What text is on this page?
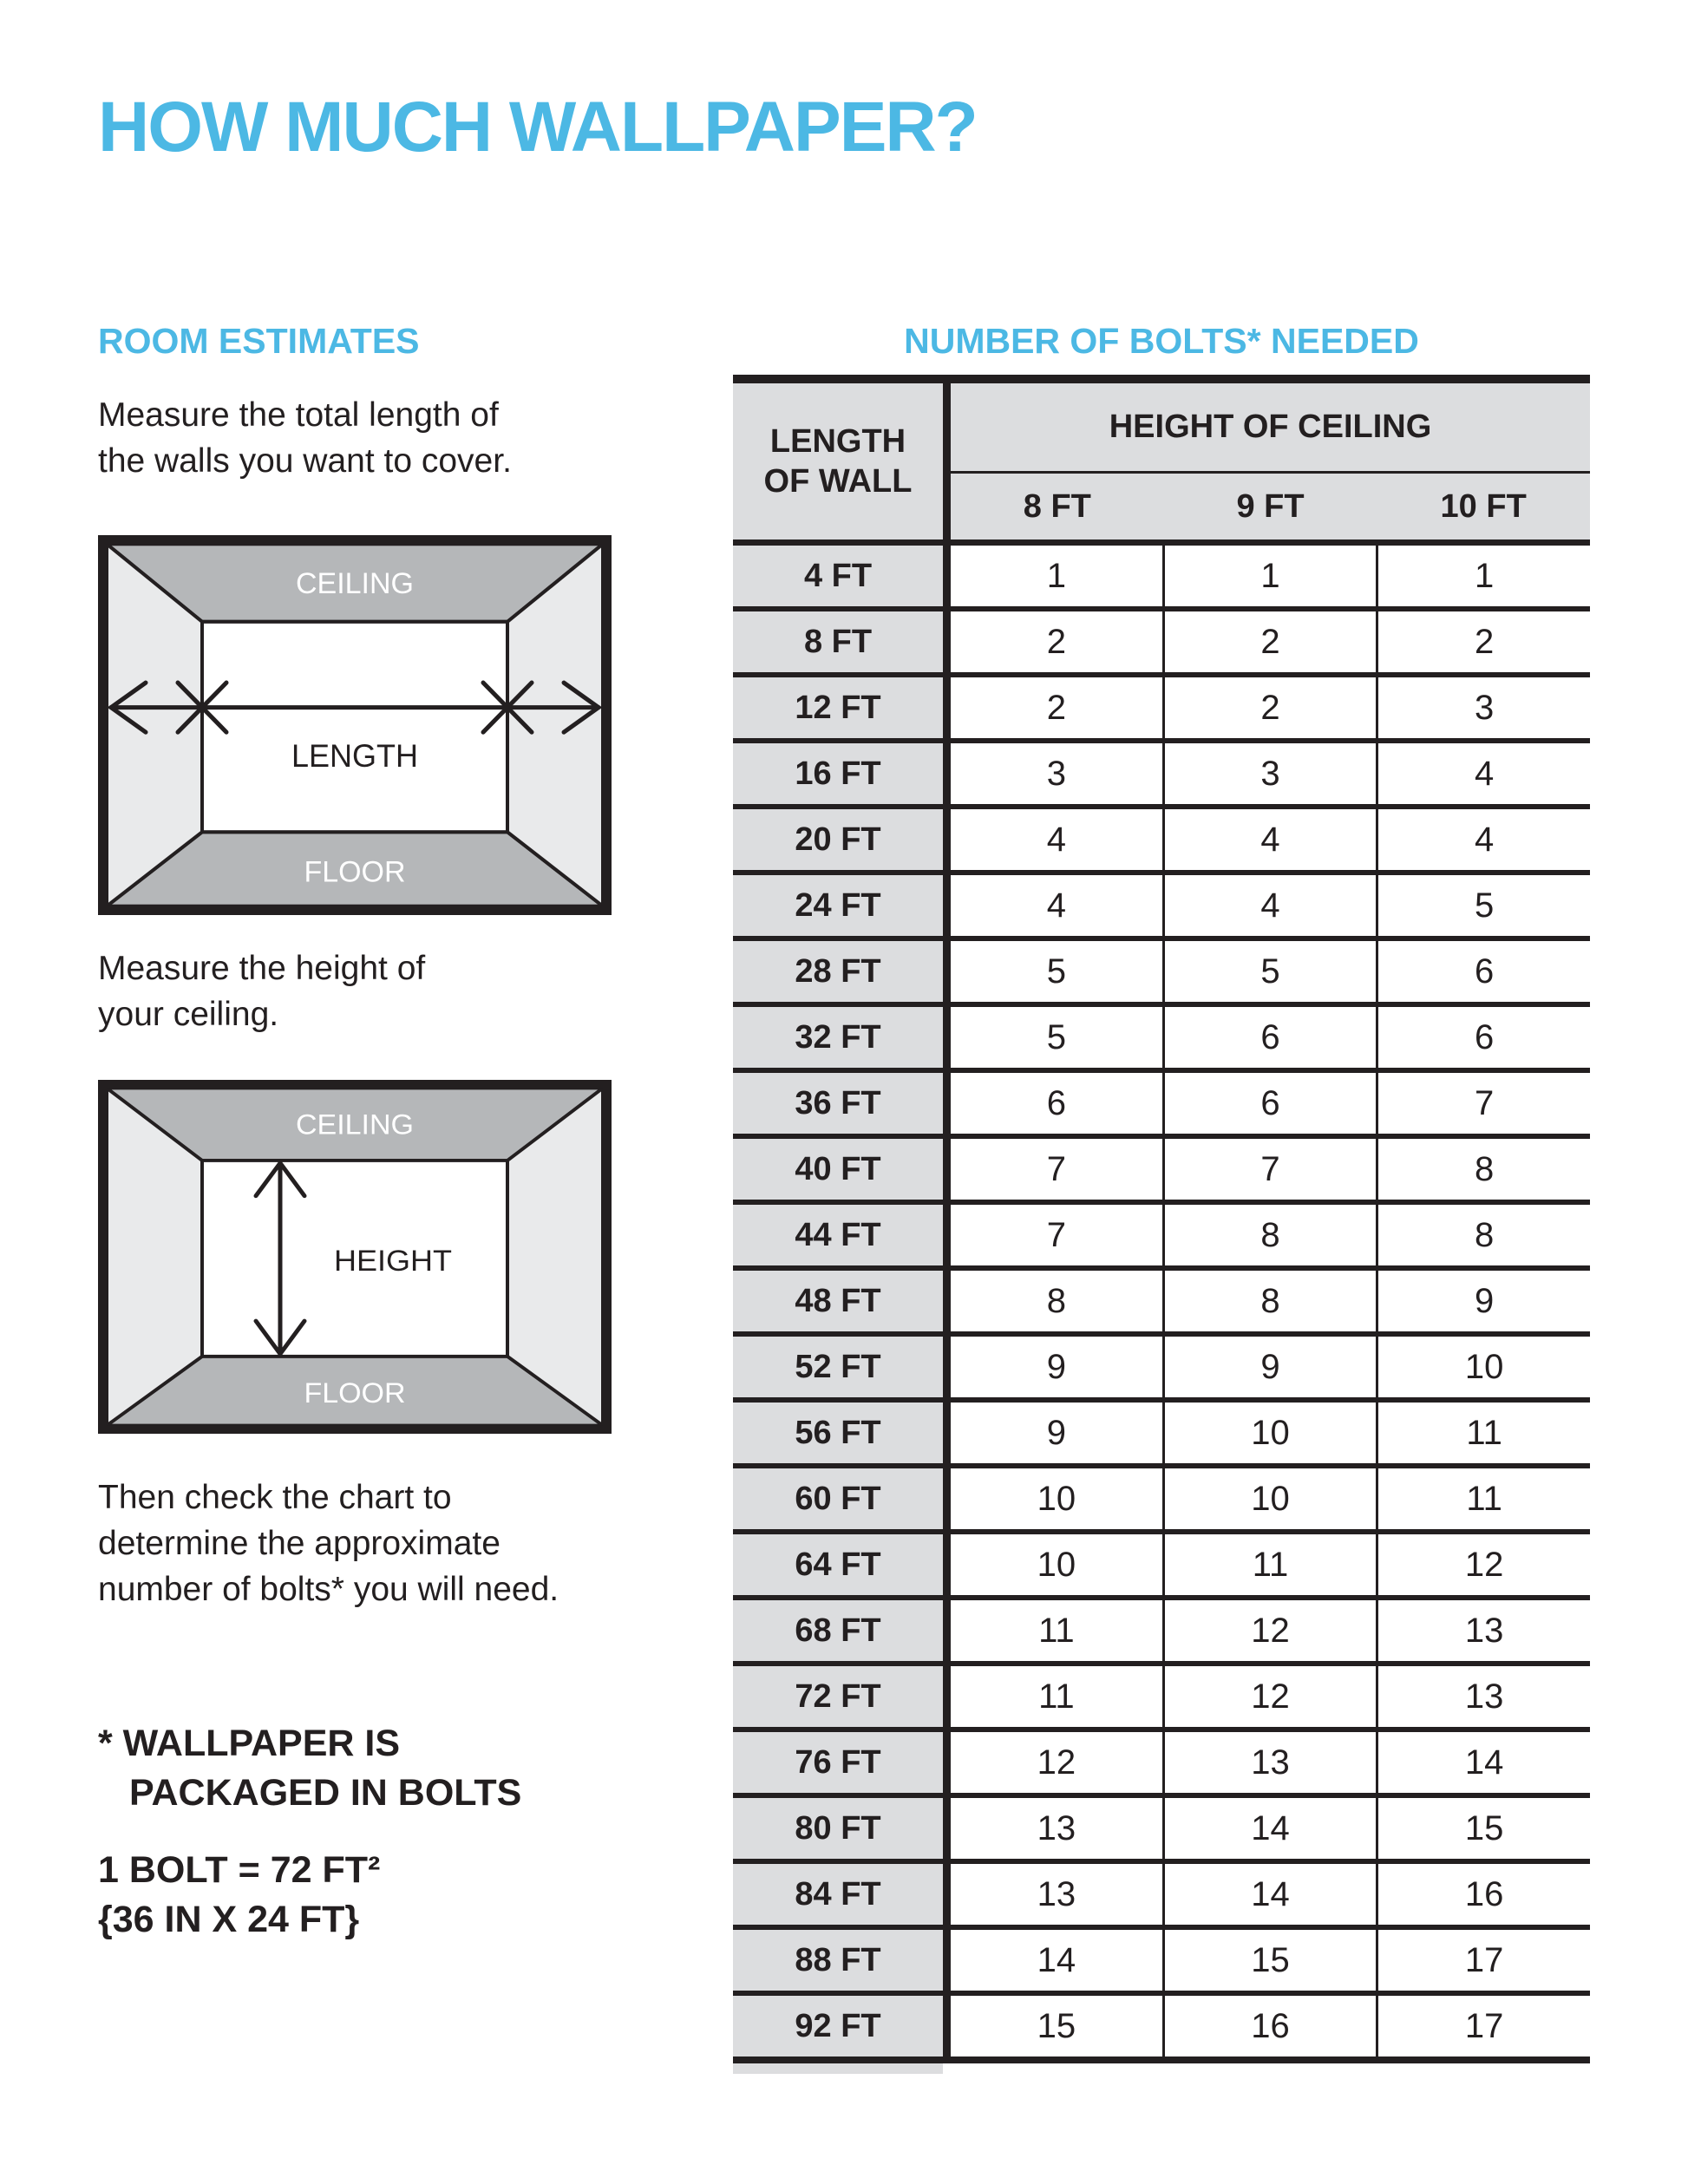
HOW MUCH WALLPAPER?
ROOM ESTIMATES	NUMBER OF BOLTS* NEEDED
Measure the total length of
the walls you want to cover.
CEILING
FLOOR
LENGTH
Measure the height of
your ceiling.
CEILING
FLOOR
HEIGHT
Then check the chart to
determine the approximate
number of bolts* you will need.
* WALLPAPER IS
PACKAGED IN BOLTS
1 BOLT = 72 FT²
{36 IN X 24 FT}
LENGTH OF WALL
HEIGHT OF CEILING
8 FT	9 FT	10 FT
4 FT	1	1	1
8 FT	2	2	2
12 FT	2	2	3
16 FT	3	3	4
20 FT	4	4	4
24 FT	4	4	5
28 FT	5	5	6
32 FT	5	6	6
36 FT	6	6	7
40 FT	7	7	8
44 FT	7	8	8
48 FT	8	8	9
52 FT	9	9	10
56 FT	9	10	11
60 FT	10	10	11
64 FT	10	11	12
68 FT	11	12	13
72 FT	11	12	13
76 FT	12	13	14
80 FT	13	14	15
84 FT	13	14	16
88 FT	14	15	17
92 FT	15	16	17
